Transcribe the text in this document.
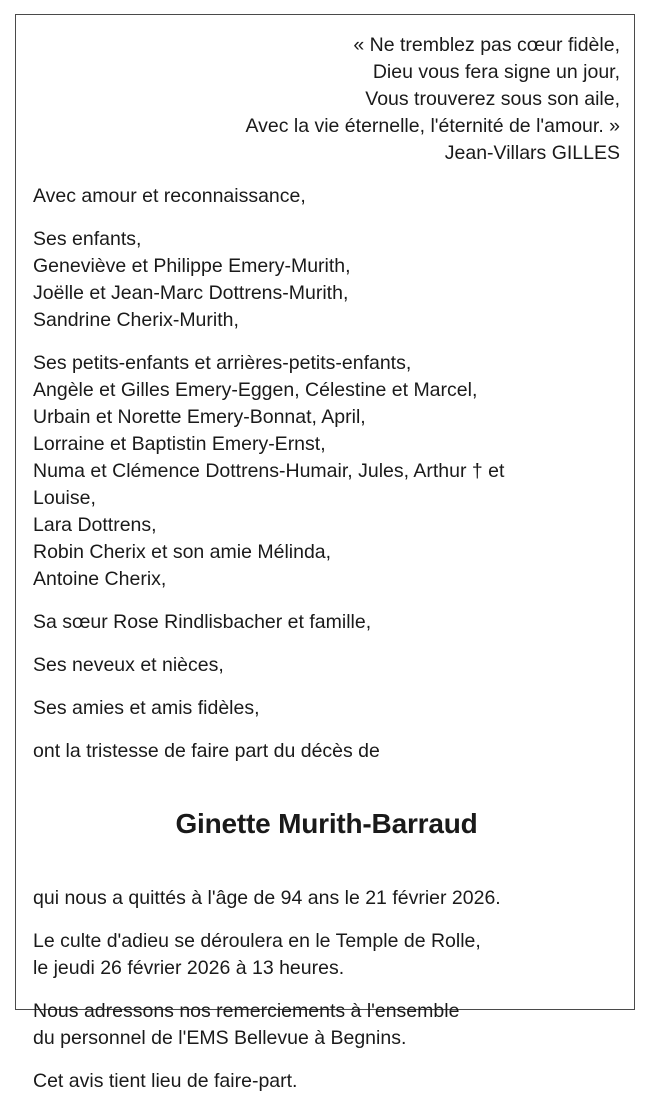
« Ne tremblez pas cœur fidèle,
Dieu vous fera signe un jour,
Vous trouverez sous son aile,
Avec la vie éternelle, l'éternité de l'amour. »
Jean-Villars GILLES
Avec amour et reconnaissance,
Ses enfants,
Geneviève et Philippe Emery-Murith,
Joëlle et Jean-Marc Dottrens-Murith,
Sandrine Cherix-Murith,
Ses petits-enfants et arrières-petits-enfants,
Angèle et Gilles Emery-Eggen, Célestine et Marcel,
Urbain et Norette Emery-Bonnat, April,
Lorraine et Baptistin Emery-Ernst,
Numa et Clémence Dottrens-Humair, Jules, Arthur † et
Louise,
Lara Dottrens,
Robin Cherix et son amie Mélinda,
Antoine Cherix,
Sa sœur Rose Rindlisbacher et famille,
Ses neveux et nièces,
Ses amies et amis fidèles,
ont la tristesse de faire part du décès de
Ginette Murith-Barraud
qui nous a quittés à l'âge de 94 ans le 21 février 2026.
Le culte d'adieu se déroulera en le Temple de Rolle,
le jeudi 26 février 2026 à 13 heures.
Nous adressons nos remerciements à l'ensemble
du personnel de l'EMS Bellevue à Begnins.
Cet avis tient lieu de faire-part.
